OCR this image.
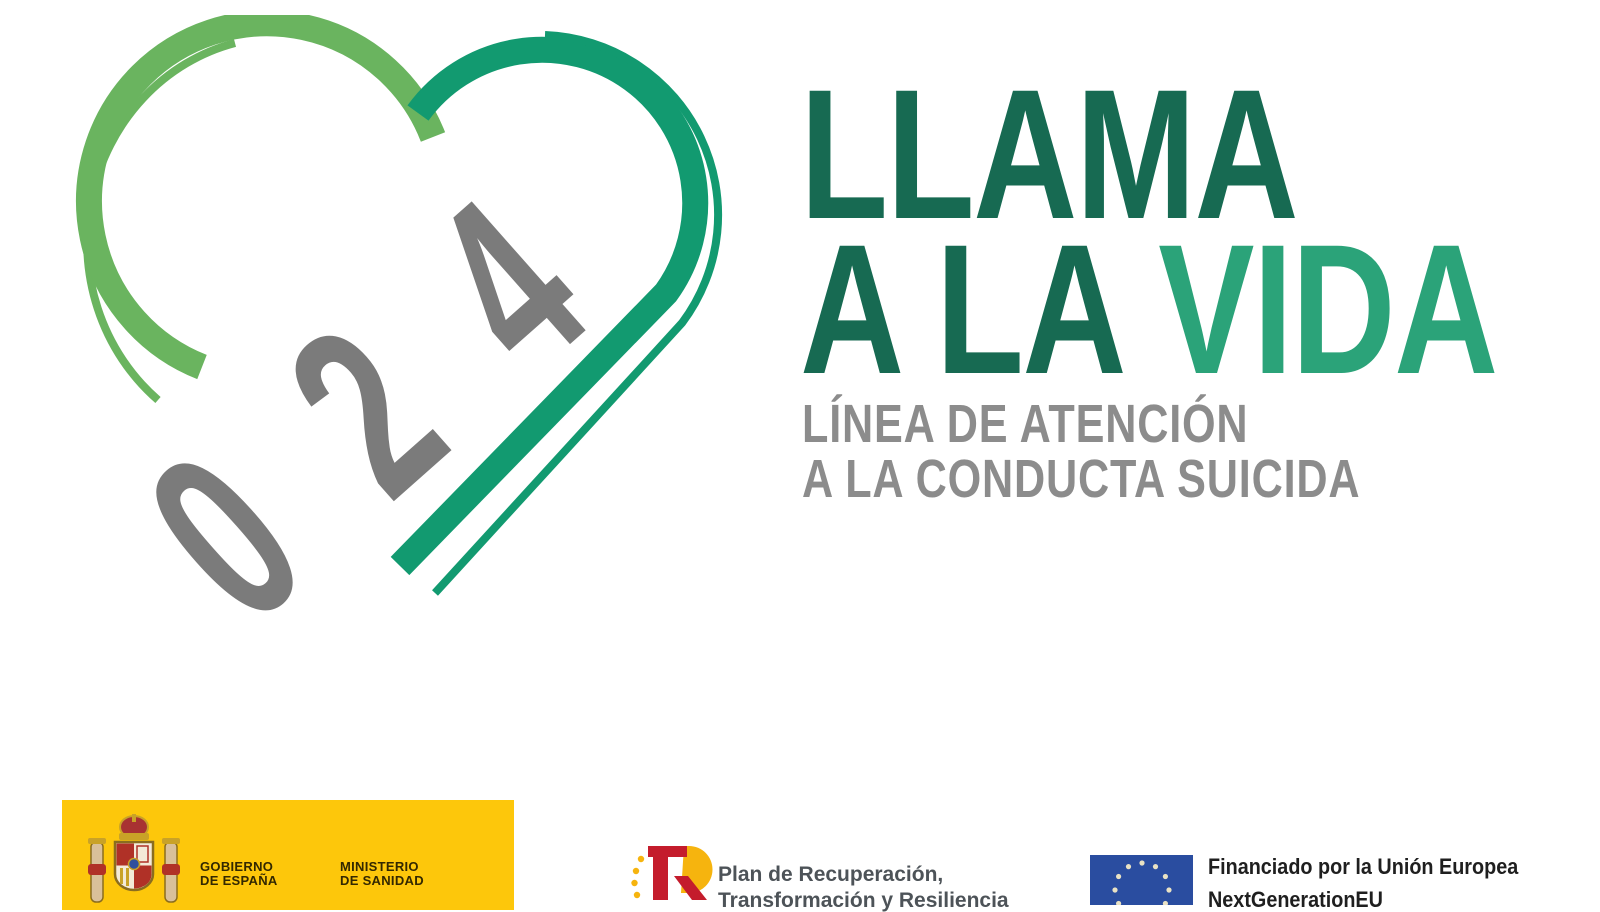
0
2
4 LLAMA
A LA VIDA
LÍNEA DE ATENCIÓN
A LA CONDUCTA SUICIDA
GOBIERNO
DE ESPAÑA
MINISTERIO
DE SANIDAD	Plan de Recuperación,
Transformación y Resiliencia
Financiado por la Unión Europea
NextGenerationEU
